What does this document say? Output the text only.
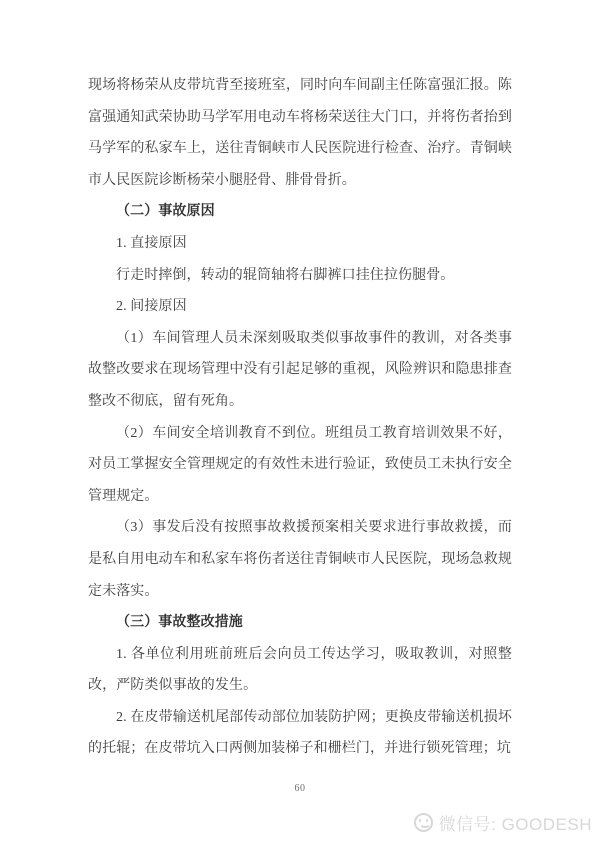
现场将杨荣从皮带坑背至接班室，同时向车间副主任陈富强汇报。陈富强通知武荣协助马学军用电动车将杨荣送往大门口，并将伤者抬到马学军的私家车上，送往青铜峡市人民医院进行检查、治疗。青铜峡市人民医院诊断杨荣小腿胫骨、腓骨骨折。

（二）事故原因

1. 直接原因

行走时摔倒，转动的辊筒轴将右脚裤口挂住拉伤腿骨。

2. 间接原因

（1）车间管理人员未深刻吸取类似事故事件的教训，对各类事故整改要求在现场管理中没有引起足够的重视，风险辨识和隐患排查整改不彻底，留有死角。

（2）车间安全培训教育不到位。班组员工教育培训效果不好，对员工掌握安全管理规定的有效性未进行验证，致使员工未执行安全管理规定。

（3）事发后没有按照事故救援预案相关要求进行事故救援，而是私自用电动车和私家车将伤者送往青铜峡市人民医院，现场急救规定未落实。

（三）事故整改措施

1. 各单位利用班前班后会向员工传达学习，吸取教训，对照整改，严防类似事故的发生。

2. 在皮带输送机尾部传动部位加装防护网；更换皮带输送机损坏的托辊；在皮带坑入口两侧加装梯子和栅栏门，并进行锁死管理；坑

60
微信号: GOODESH
